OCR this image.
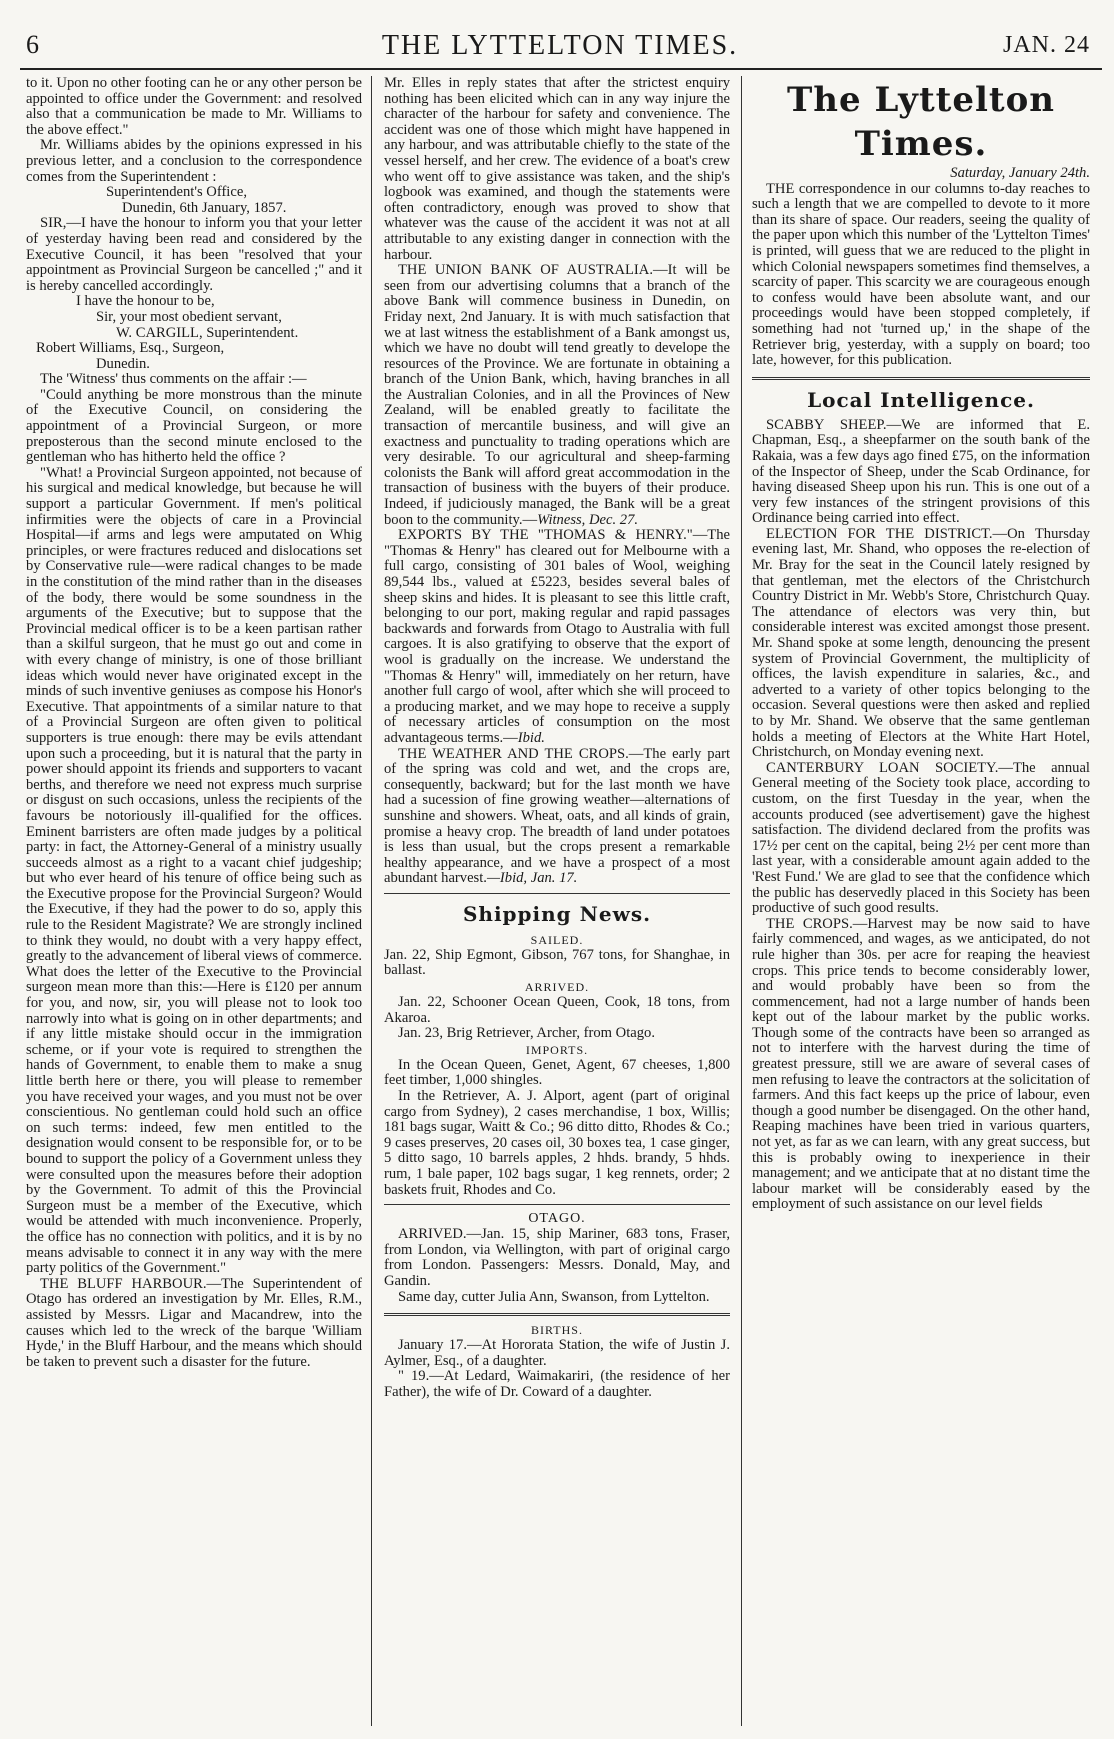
6	THE LYTTELTON TIMES.	JAN. 24

to it. Upon no other footing can he or any other person be appointed to office under the Government: and resolved also that a communication be made to Mr. Williams to the above effect."

Mr. Williams abides by the opinions expressed in his previous letter, and a conclusion to the correspondence comes from the Superintendent :

Superintendent's Office,

Dunedin, 6th January, 1857.

SIR,—I have the honour to inform you that your letter of yesterday having been read and considered by the Executive Council, it has been "resolved that your appointment as Provincial Surgeon be cancelled ;" and it is hereby cancelled accordingly.

I have the honour to be,

Sir, your most obedient servant,

W. CARGILL, Superintendent.

Robert Williams, Esq., Surgeon,

Dunedin.

The 'Witness' thus comments on the affair :—

"Could anything be more monstrous than the minute of the Executive Council, on considering the appointment of a Provincial Surgeon, or more preposterous than the second minute enclosed to the gentleman who has hitherto held the office ?

"What! a Provincial Surgeon appointed, not because of his surgical and medical knowledge, but because he will support a particular Government. If men's political infirmities were the objects of care in a Provincial Hospital—if arms and legs were amputated on Whig principles, or were fractures reduced and dislocations set by Conservative rule—were radical changes to be made in the constitution of the mind rather than in the diseases of the body, there would be some soundness in the arguments of the Executive; but to suppose that the Provincial medical officer is to be a keen partisan rather than a skilful surgeon, that he must go out and come in with every change of ministry, is one of those brilliant ideas which would never have originated except in the minds of such inventive geniuses as compose his Honor's Executive. That appointments of a similar nature to that of a Provincial Surgeon are often given to political supporters is true enough: there may be evils attendant upon such a proceeding, but it is natural that the party in power should appoint its friends and supporters to vacant berths, and therefore we need not express much surprise or disgust on such occasions, unless the recipients of the favours be notoriously ill-qualified for the offices. Eminent barristers are often made judges by a political party: in fact, the Attorney-General of a ministry usually succeeds almost as a right to a vacant chief judgeship; but who ever heard of his tenure of office being such as the Executive propose for the Provincial Surgeon? Would the Executive, if they had the power to do so, apply this rule to the Resident Magistrate? We are strongly inclined to think they would, no doubt with a very happy effect, greatly to the advancement of liberal views of commerce. What does the letter of the Executive to the Provincial surgeon mean more than this:—Here is £120 per annum for you, and now, sir, you will please not to look too narrowly into what is going on in other departments; and if any little mistake should occur in the immigration scheme, or if your vote is required to strengthen the hands of Government, to enable them to make a snug little berth here or there, you will please to remember you have received your wages, and you must not be over conscientious. No gentleman could hold such an office on such terms: indeed, few men entitled to the designation would consent to be responsible for, or to be bound to support the policy of a Government unless they were consulted upon the measures before their adoption by the Government. To admit of this the Provincial Surgeon must be a member of the Executive, which would be attended with much inconvenience. Properly, the office has no connection with politics, and it is by no means advisable to connect it in any way with the mere party politics of the Government."

THE BLUFF HARBOUR.—The Superintendent of Otago has ordered an investigation by Mr. Elles, R.M., assisted by Messrs. Ligar and Macandrew, into the causes which led to the wreck of the barque 'William Hyde,' in the Bluff Harbour, and the means which should be taken to prevent such a disaster for the future.

Mr. Elles in reply states that after the strictest enquiry nothing has been elicited which can in any way injure the character of the harbour for safety and convenience. The accident was one of those which might have happened in any harbour, and was attributable chiefly to the state of the vessel herself, and her crew. The evidence of a boat's crew who went off to give assistance was taken, and the ship's logbook was examined, and though the statements were often contradictory, enough was proved to show that whatever was the cause of the accident it was not at all attributable to any existing danger in connection with the harbour.

THE UNION BANK OF AUSTRALIA.—It will be seen from our advertising columns that a branch of the above Bank will commence business in Dunedin, on Friday next, 2nd January. It is with much satisfaction that we at last witness the establishment of a Bank amongst us, which we have no doubt will tend greatly to develope the resources of the Province. We are fortunate in obtaining a branch of the Union Bank, which, having branches in all the Australian Colonies, and in all the Provinces of New Zealand, will be enabled greatly to facilitate the transaction of mercantile business, and will give an exactness and punctuality to trading operations which are very desirable. To our agricultural and sheep-farming colonists the Bank will afford great accommodation in the transaction of business with the buyers of their produce. Indeed, if judiciously managed, the Bank will be a great boon to the community.—Witness, Dec. 27.

EXPORTS BY THE "THOMAS & HENRY."—The "Thomas & Henry" has cleared out for Melbourne with a full cargo, consisting of 301 bales of Wool, weighing 89,544 lbs., valued at £5223, besides several bales of sheep skins and hides. It is pleasant to see this little craft, belonging to our port, making regular and rapid passages backwards and forwards from Otago to Australia with full cargoes. It is also gratifying to observe that the export of wool is gradually on the increase. We understand the "Thomas & Henry" will, immediately on her return, have another full cargo of wool, after which she will proceed to a producing market, and we may hope to receive a supply of necessary articles of consumption on the most advantageous terms.—Ibid.

THE WEATHER AND THE CROPS.—The early part of the spring was cold and wet, and the crops are, consequently, backward; but for the last month we have had a sucession of fine growing weather—alternations of sunshine and showers. Wheat, oats, and all kinds of grain, promise a heavy crop. The breadth of land under potatoes is less than usual, but the crops present a remarkable healthy appearance, and we have a prospect of a most abundant harvest.—Ibid, Jan. 17.

Shipping News.
SAILED.

Jan. 22, Ship Egmont, Gibson, 767 tons, for Shanghae, in ballast.

ARRIVED.

Jan. 22, Schooner Ocean Queen, Cook, 18 tons, from Akaroa.

Jan. 23, Brig Retriever, Archer, from Otago.

IMPORTS.

In the Ocean Queen, Genet, Agent, 67 cheeses, 1,800 feet timber, 1,000 shingles.

In the Retriever, A. J. Alport, agent (part of original cargo from Sydney), 2 cases merchandise, 1 box, Willis; 181 bags sugar, Waitt & Co.; 96 ditto ditto, Rhodes & Co.; 9 cases preserves, 20 cases oil, 30 boxes tea, 1 case ginger, 5 ditto sago, 10 barrels apples, 2 hhds. brandy, 5 hhds. rum, 1 bale paper, 102 bags sugar, 1 keg rennets, order; 2 baskets fruit, Rhodes and Co.

OTAGO.

ARRIVED.—Jan. 15, ship Mariner, 683 tons, Fraser, from London, via Wellington, with part of original cargo from London. Passengers: Messrs. Donald, May, and Gandin.

Same day, cutter Julia Ann, Swanson, from Lyttelton.

BIRTHS.

January 17.—At Hororata Station, the wife of Justin J. Aylmer, Esq., of a daughter.

" 19.—At Ledard, Waimakariri, (the residence of her Father), the wife of Dr. Coward of a daughter.

The Lyttelton Times.

Saturday, January 24th.

THE correspondence in our columns to-day reaches to such a length that we are compelled to devote to it more than its share of space. Our readers, seeing the quality of the paper upon which this number of the 'Lyttelton Times' is printed, will guess that we are reduced to the plight in which Colonial newspapers sometimes find themselves, a scarcity of paper. This scarcity we are courageous enough to confess would have been absolute want, and our proceedings would have been stopped completely, if something had not 'turned up,' in the shape of the Retriever brig, yesterday, with a supply on board; too late, however, for this publication.

Local Intelligence.

SCABBY SHEEP.—We are informed that E. Chapman, Esq., a sheepfarmer on the south bank of the Rakaia, was a few days ago fined £75, on the information of the Inspector of Sheep, under the Scab Ordinance, for having diseased Sheep upon his run. This is one out of a very few instances of the stringent provisions of this Ordinance being carried into effect.

ELECTION FOR THE DISTRICT.—On Thursday evening last, Mr. Shand, who opposes the re-election of Mr. Bray for the seat in the Council lately resigned by that gentleman, met the electors of the Christchurch Country District in Mr. Webb's Store, Christchurch Quay. The attendance of electors was very thin, but considerable interest was excited amongst those present. Mr. Shand spoke at some length, denouncing the present system of Provincial Government, the multiplicity of offices, the lavish expenditure in salaries, &c., and adverted to a variety of other topics belonging to the occasion. Several questions were then asked and replied to by Mr. Shand. We observe that the same gentleman holds a meeting of Electors at the White Hart Hotel, Christchurch, on Monday evening next.

CANTERBURY LOAN SOCIETY.—The annual General meeting of the Society took place, according to custom, on the first Tuesday in the year, when the accounts produced (see advertisement) gave the highest satisfaction. The dividend declared from the profits was 17½ per cent on the capital, being 2½ per cent more than last year, with a considerable amount again added to the 'Rest Fund.' We are glad to see that the confidence which the public has deservedly placed in this Society has been productive of such good results.

THE CROPS.—Harvest may be now said to have fairly commenced, and wages, as we anticipated, do not rule higher than 30s. per acre for reaping the heaviest crops. This price tends to become considerably lower, and would probably have been so from the commencement, had not a large number of hands been kept out of the labour market by the public works. Though some of the contracts have been so arranged as not to interfere with the harvest during the time of greatest pressure, still we are aware of several cases of men refusing to leave the contractors at the solicitation of farmers. And this fact keeps up the price of labour, even though a good number be disengaged. On the other hand, Reaping machines have been tried in various quarters, not yet, as far as we can learn, with any great success, but this is probably owing to inexperience in their management; and we anticipate that at no distant time the labour market will be considerably eased by the employment of such assistance on our level fields
